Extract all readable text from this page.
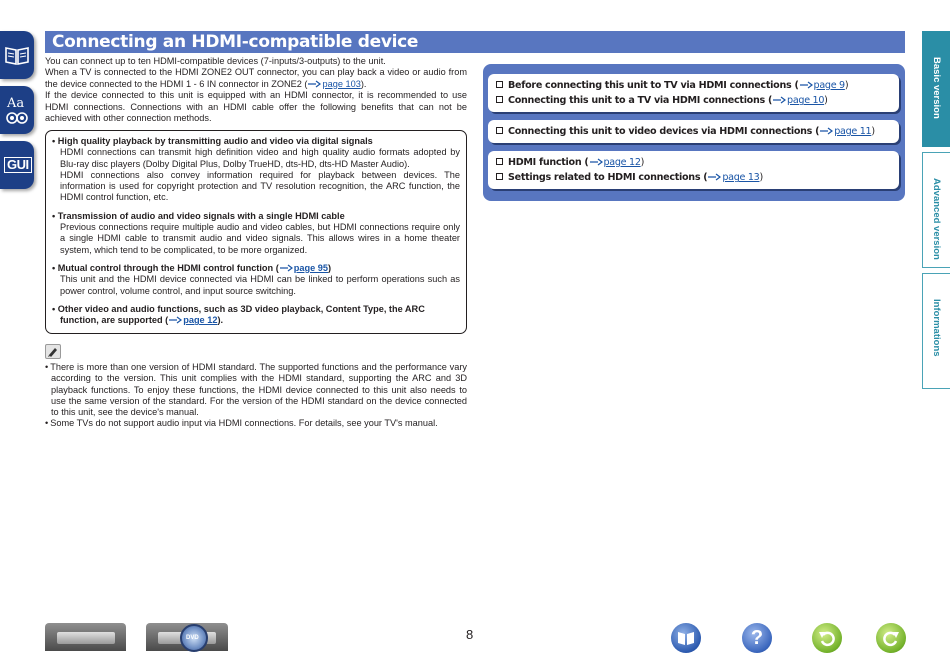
Aa
GUI
Connecting an HDMI-compatible device

You can connect up to ten HDMI-compatible devices (7-inputs/3-outputs) to the unit.

When a TV is connected to the HDMI ZONE2 OUT connector, you can play back a video or audio from the device connected to the HDMI 1 - 6 IN connector in ZONE2 ( page 103).

If the device connected to this unit is equipped with an HDMI connector, it is recommended to use HDMI connections. Connections with an HDMI cable offer the following benefits that can not be achieved with other connection methods.

• High quality playback by transmitting audio and video via digital signals
HDMI connections can transmit high definition video and high quality audio formats adopted by Blu-ray disc players (Dolby Digital Plus, Dolby TrueHD, dts-HD, dts-HD Master Audio).
HDMI connections also convey information required for playback between devices. The information is used for copyright protection and TV resolution recognition, the ARC function, the HDMI control function, etc.
• Transmission of audio and video signals with a single HDMI cable
Previous connections require multiple audio and video cables, but HDMI connections require only a single HDMI cable to transmit audio and video signals. This allows wires in a home theater system, which tend to be complicated, to be more organized.
• Mutual control through the HDMI control function ( page 95)
This unit and the HDMI device connected via HDMI can be linked to perform operations such as power control, volume control, and input source switching.
• Other video and audio functions, such as 3D video playback, Content Type, the ARC function, are supported ( page 12).
• There is more than one version of HDMI standard. The supported functions and the performance vary according to the version. This unit complies with the HDMI standard, supporting the ARC and 3D playback functions. To enjoy these functions, the HDMI device connected to this unit also needs to use the same version of the standard. For the version of the HDMI standard on the device connected to this unit, see the device's manual.
• Some TVs do not support audio input via HDMI connections. For details, see your TV's manual.
Before connecting this unit to TV via HDMI connections ( page 9)
Connecting this unit to a TV via HDMI connections ( page 10)
Connecting this unit to video devices via HDMI connections ( page 11)
HDMI function ( page 12)
Settings related to HDMI connections ( page 13)
Basic version
Advanced version
Informations
DVD	8	?
